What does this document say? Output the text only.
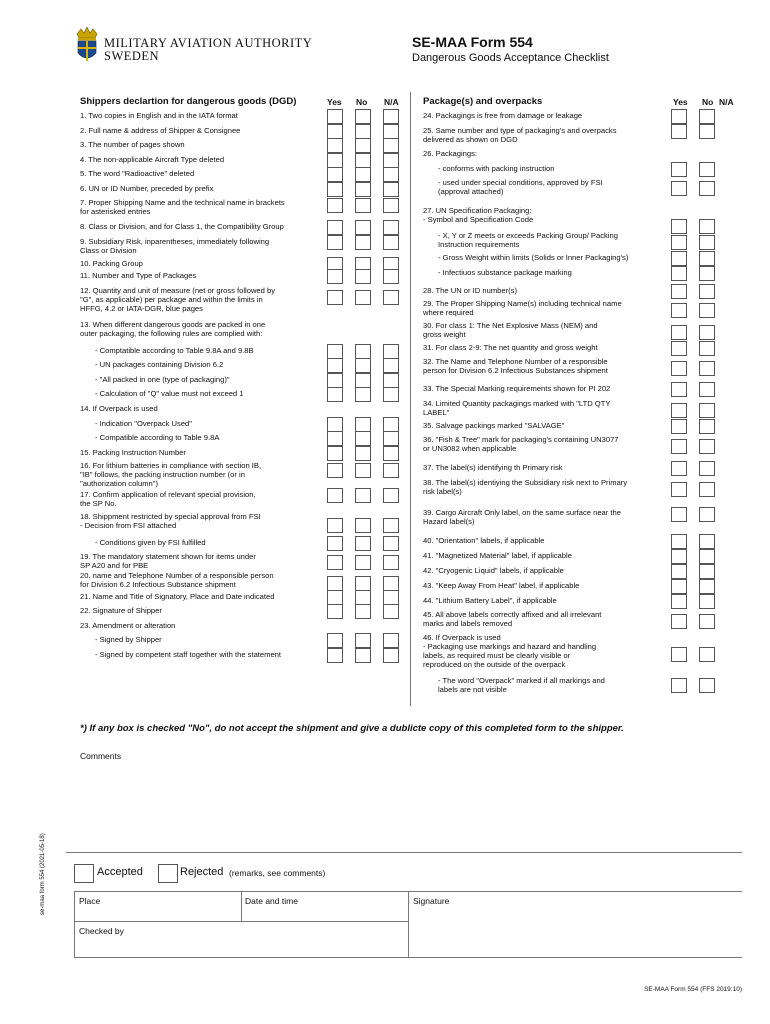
MILITARY AVIATION AUTHORITY
SWEDEN
SE-MAA Form 554
Dangerous Goods Acceptance Checklist
Shippers declartion for dangerous goods (DGD)	Yes No N/A	Package(s) and overpacks	Yes No N/A
1. Two copies in English and in the IATA format
2. Full name & address of Shipper & Consignee
3. The number of pages shown
4. The non-applicable Aircraft Type deleted
5. The word "Radioactive" deleted
6. UN or ID Number, preceded by prefix
7. Proper Shipping Name and the technical name in brackets
for asterisked entries
8. Class or Division, and for Class 1, the Compatibility Group
9. Subsidiary Risk, inparentheses, immediately following
Class or Division
10. Packing Group
11. Number and Type of Packages
12. Quantity and unit of measure (net or gross followed by
"G", as applicable) per package and within the limits in
HFFG, 4.2 or IATA-DGR, blue pages
13. When different dangerous goods are packed in one
outer packaging, the following rules are complied with:
- Comptatible according to Table 9.8A and 9.8B
- UN packages containing Division 6.2
- "All packed in one (type of packaging)"
- Calculation of "Q" value must not exceed 1
14. If Overpack is used
- Indication "Overpack Used"
- Compatible according to Table 9.8A
15. Packing Instruction Number
16. For lithium batteries in compliance with section IB,
"IB" follows, the packing instruction number (or in
"authorization column")
17. Confirm application of relevant special provision,
the SP No.
18. Shippment restricted by special approval from FSI
- Decision from FSI attached
- Conditions given by FSI fulfilled
19. The mandatory statement shown for items under
SP A20 and for PBE
20. name and Telephone Number of a responsible person
for Division 6.2 Infectious Substance shipment
21. Name and Title of Signatory, Place and Date indicated
22. Signature of Shipper
23. Amendment or alteration
- Signed by Shipper
- Signed by competent staff together with the statement
24. Packagings is free from damage or leakage
25. Same number and type of packaging's and overpacks
delivered as shown on DGD
26. Packagings:
- conforms with packing instruction
- used under special conditions, approved by FSI
(approval attached)
27. UN Specification Packaging:
- Symbol and Specification Code
- X, Y or Z meets or exceeds Packing Group/ Packing
Instruction requirements
- Gross Weight within limits (Solids or Inner Packaging's)
- Infectiuos substance package marking
28. The UN or ID number(s)
29. The Proper Shipping Name(s) including technical name
where required
30. For class 1: The Net Explosive Mass (NEM) and
gross weight
31. For class 2-9: The net quantity and gross weight
32. The Name and Telephone Number of a responsible
person for Division 6.2 Infectious Substances shipment
33. The Special Marking requirements shown for PI 202
34. Limited Quantity packagings marked with "LTD QTY
LABEL"
35. Salvage packings marked "SALVAGE"
36. "Fish & Tree" mark for packaging's containing UN3077
or UN3082 when applicable
37. The label(s) identifying th Primary risk
38. The label(s) identiying the Subsidiary risk next to Primary
risk label(s)
39. Cargo Aircraft Only label, on the same surface near the
Hazard label(s)
40. "Orientation" labels, if applicable
41. "Magnetized Material" label, if applicable
42. "Cryogenic Liquid" labels, if applicable
43. "Keep Away From Heat" label, if applicable
44. "Lithium Battery Label", if applicable
45. All above labels correctly affixed and all irrelevant
marks and labels removed
46. If Overpack is used
- Packaging use markings and hazard and handling
labels, as required must be clearly visible or
reproduced on the outside of the overpack
- The word "Overpack" marked if all markings and
labels are not visible
*) If any box is checked "No", do not accept the shipment and give a dublicte copy of this completed form to the shipper.
Comments
Accepted	Rejected (remarks, see comments)
Place	Date and time	Signature
Checked by
se-maa form 554 (2021-05-18)
SE-MAA Form 554 (FFS 2019:10)
